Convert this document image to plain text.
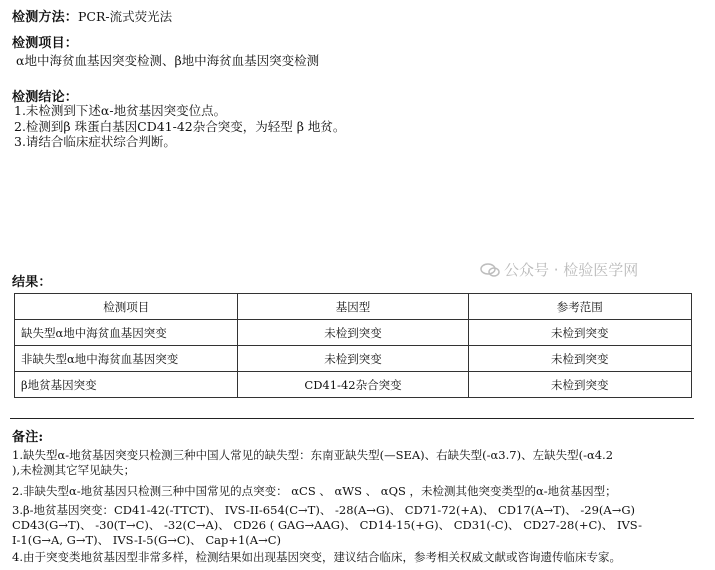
检测方法：PCR-流式荧光法
检测项目：
α地中海贫血基因突变检测、β地中海贫血基因突变检测
检测结论：
1.未检测到下述α-地贫基因突变位点。
2.检测到β 珠蛋白基因CD41-42杂合突变，为轻型 β 地贫。
3.请结合临床症状综合判断。
公众号 · 检验医学网
结果：
检测项目	基因型	参考范围
缺失型α地中海贫血基因突变	未检到突变	未检到突变
非缺失型α地中海贫血基因突变	未检到突变	未检到突变
β地贫基因突变	CD41-42杂合突变	未检到突变
备注:
1.缺失型α-地贫基因突变只检测三种中国人常见的缺失型：东南亚缺失型(—SEA)、右缺失型(-α3.7)、左缺失型(-α4.2
),未检测其它罕见缺失；
2.非缺失型α-地贫基因只检测三种中国常见的点突变： αCS 、 αWS 、 αQS ，未检测其他突变类型的α-地贫基因型；
3.β-地贫基因突变：CD41-42(-TTCT)、 IVS-II-654(C→T)、 -28(A→G)、 CD71-72(+A)、 CD17(A→T)、 -29(A→G)
CD43(G→T)、 -30(T→C)、 -32(C→A)、 CD26 ( GAG→AAG)、 CD14-15(+G)、 CD31(-C)、 CD27-28(+C)、 IVS-
I-1(G→A, G→T)、 IVS-I-5(G→C)、 Cap+1(A→C)
4.由于突变类地贫基因型非常多样，检测结果如出现基因突变，建议结合临床，参考相关权威文献或咨询遗传临床专家。
